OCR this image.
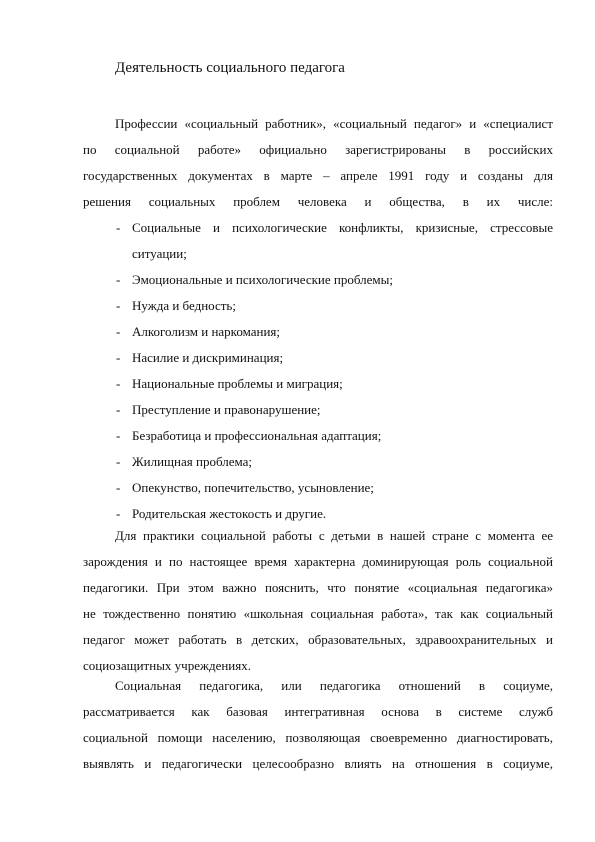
Деятельность социального педагога
Профессии «социальный работник», «социальный педагог» и «специалист
по социальной работе» официально зарегистрированы в российских
государственных документах в марте – апреле 1991 году и созданы для
решения социальных проблем человека и общества, в их числе:
- Социальные и психологические конфликты, кризисные, стрессовые ситуации;
- Эмоциональные и психологические проблемы;
- Нужда и бедность;
- Алкоголизм и наркомания;
- Насилие и дискриминация;
- Национальные проблемы и миграция;
- Преступление и правонарушение;
- Безработица и профессиональная адаптация;
- Жилищная проблема;
- Опекунство, попечительство, усыновление;
- Родительская жестокость и другие.
Для практики социальной работы с детьми в нашей стране с момента ее
зарождения и по настоящее время характерна доминирующая роль социальной
педагогики. При этом важно пояснить, что понятие «социальная педагогика»
не тождественно понятию «школьная социальная работа», так как социальный
педагог может работать в детских, образовательных, здравоохранительных и
социозащитных учреждениях.
Социальная педагогика, или педагогика отношений в социуме,
рассматривается как базовая интегративная основа в системе служб
социальной помощи населению, позволяющая своевременно диагностировать,
выявлять и педагогически целесообразно влиять на отношения в социуме,
